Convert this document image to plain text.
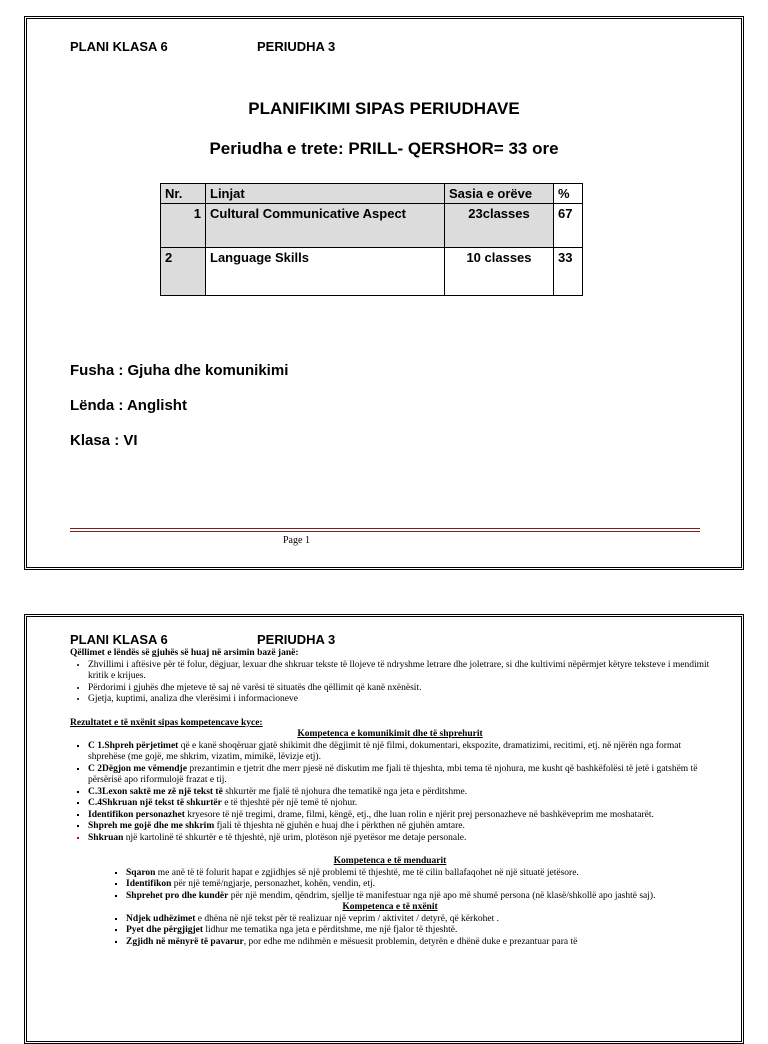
PLANI KLASA 6	PERIUDHA 3
PLANIFIKIMI SIPAS PERIUDHAVE
Periudha e trete: PRILL- QERSHOR= 33 ore
Nr.	Linjat	Sasia e orëve	%
1	Cultural Communicative Aspect	23classes	67
2	Language Skills	10 classes	33
Fusha : Gjuha dhe komunikimi
Lënda : Anglisht
Klasa : VI
Page 1
PLANI KLASA 6	PERIUDHA 3
Qëllimet e lëndës së gjuhës së huaj në arsimin bazë janë:
• Zhvillimi i aftësive për të folur, dëgjuar, lexuar dhe shkruar tekste të llojeve të ndryshme letrare dhe joletrare, si dhe kultivimi nëpërmjet këtyre teksteve i mendimit kritik e krijues.
• Përdorimi i gjuhës dhe mjeteve të saj në varësi të situatës dhe qëllimit që kanë nxënësit.
• Gjetja, kuptimi, analiza dhe vlerësimi i informacioneve
Rezultatet e të nxënit sipas kompetencave kyce:
Kompetenca e komunikimit dhe të shprehurit
▪ C 1.Shpreh përjetimet që e kanë shoqëruar gjatë shikimit dhe dëgjimit të një filmi, dokumentari, ekspozite, dramatizimi, recitimi, etj. në njërën nga format shprehëse (me gojë, me shkrim, vizatim, mimikë, lëvizje etj).
▪ C 2Dëgjon me vëmendje prezantimin e tjetrit dhe merr pjesë në diskutim me fjali të thjeshta, mbi tema të njohura, me kusht që bashkëfolësi të jetë i gatshëm të përsërisë apo riformulojë frazat e tij.
▪ C.3Lexon saktë me zë një tekst të shkurtër me fjalë të njohura dhe tematikë nga jeta e përditshme.
▪ C.4Shkruan një tekst të shkurtër e të thjeshtë për një temë të njohur.
▪ Identifikon personazhet kryesore të një tregimi, drame, filmi, këngë, etj., dhe luan rolin e njërit prej personazheve në bashkëveprim me moshatarët.
▪ Shpreh me gojë dhe me shkrim fjali të thjeshta në gjuhën e huaj dhe i përkthen në gjuhën amtare.
▪ Shkruan një kartolinë të shkurtër e të thjeshtë, një urim, plotëson një pyetësor me detaje personale.
Kompetenca e të menduarit
▪ Sqaron me anë të të folurit hapat e zgjidhjes së një problemi të thjeshtë, me të cilin ballafaqohet në një situatë jetësore.
▪ Identifikon për një temë/ngjarje, personazhet, kohën, vendin, etj.
▪ Shprehet pro dhe kundër për një mendim, qëndrim, sjellje të manifestuar nga një apo më shumë persona (në klasë/shkollë apo jashtë saj).
Kompetenca e të nxënit
▪ Ndjek udhëzimet e dhëna në një tekst për të realizuar një veprim / aktivitet / detyrë, që kërkohet .
▪ Pyet dhe përgjigjet lidhur me tematika nga jeta e përditshme, me një fjalor të thjeshtë.
▪ Zgjidh në mënyrë të pavarur, por edhe me ndihmën e mësuesit problemin, detyrën e dhënë duke e prezantuar para të
